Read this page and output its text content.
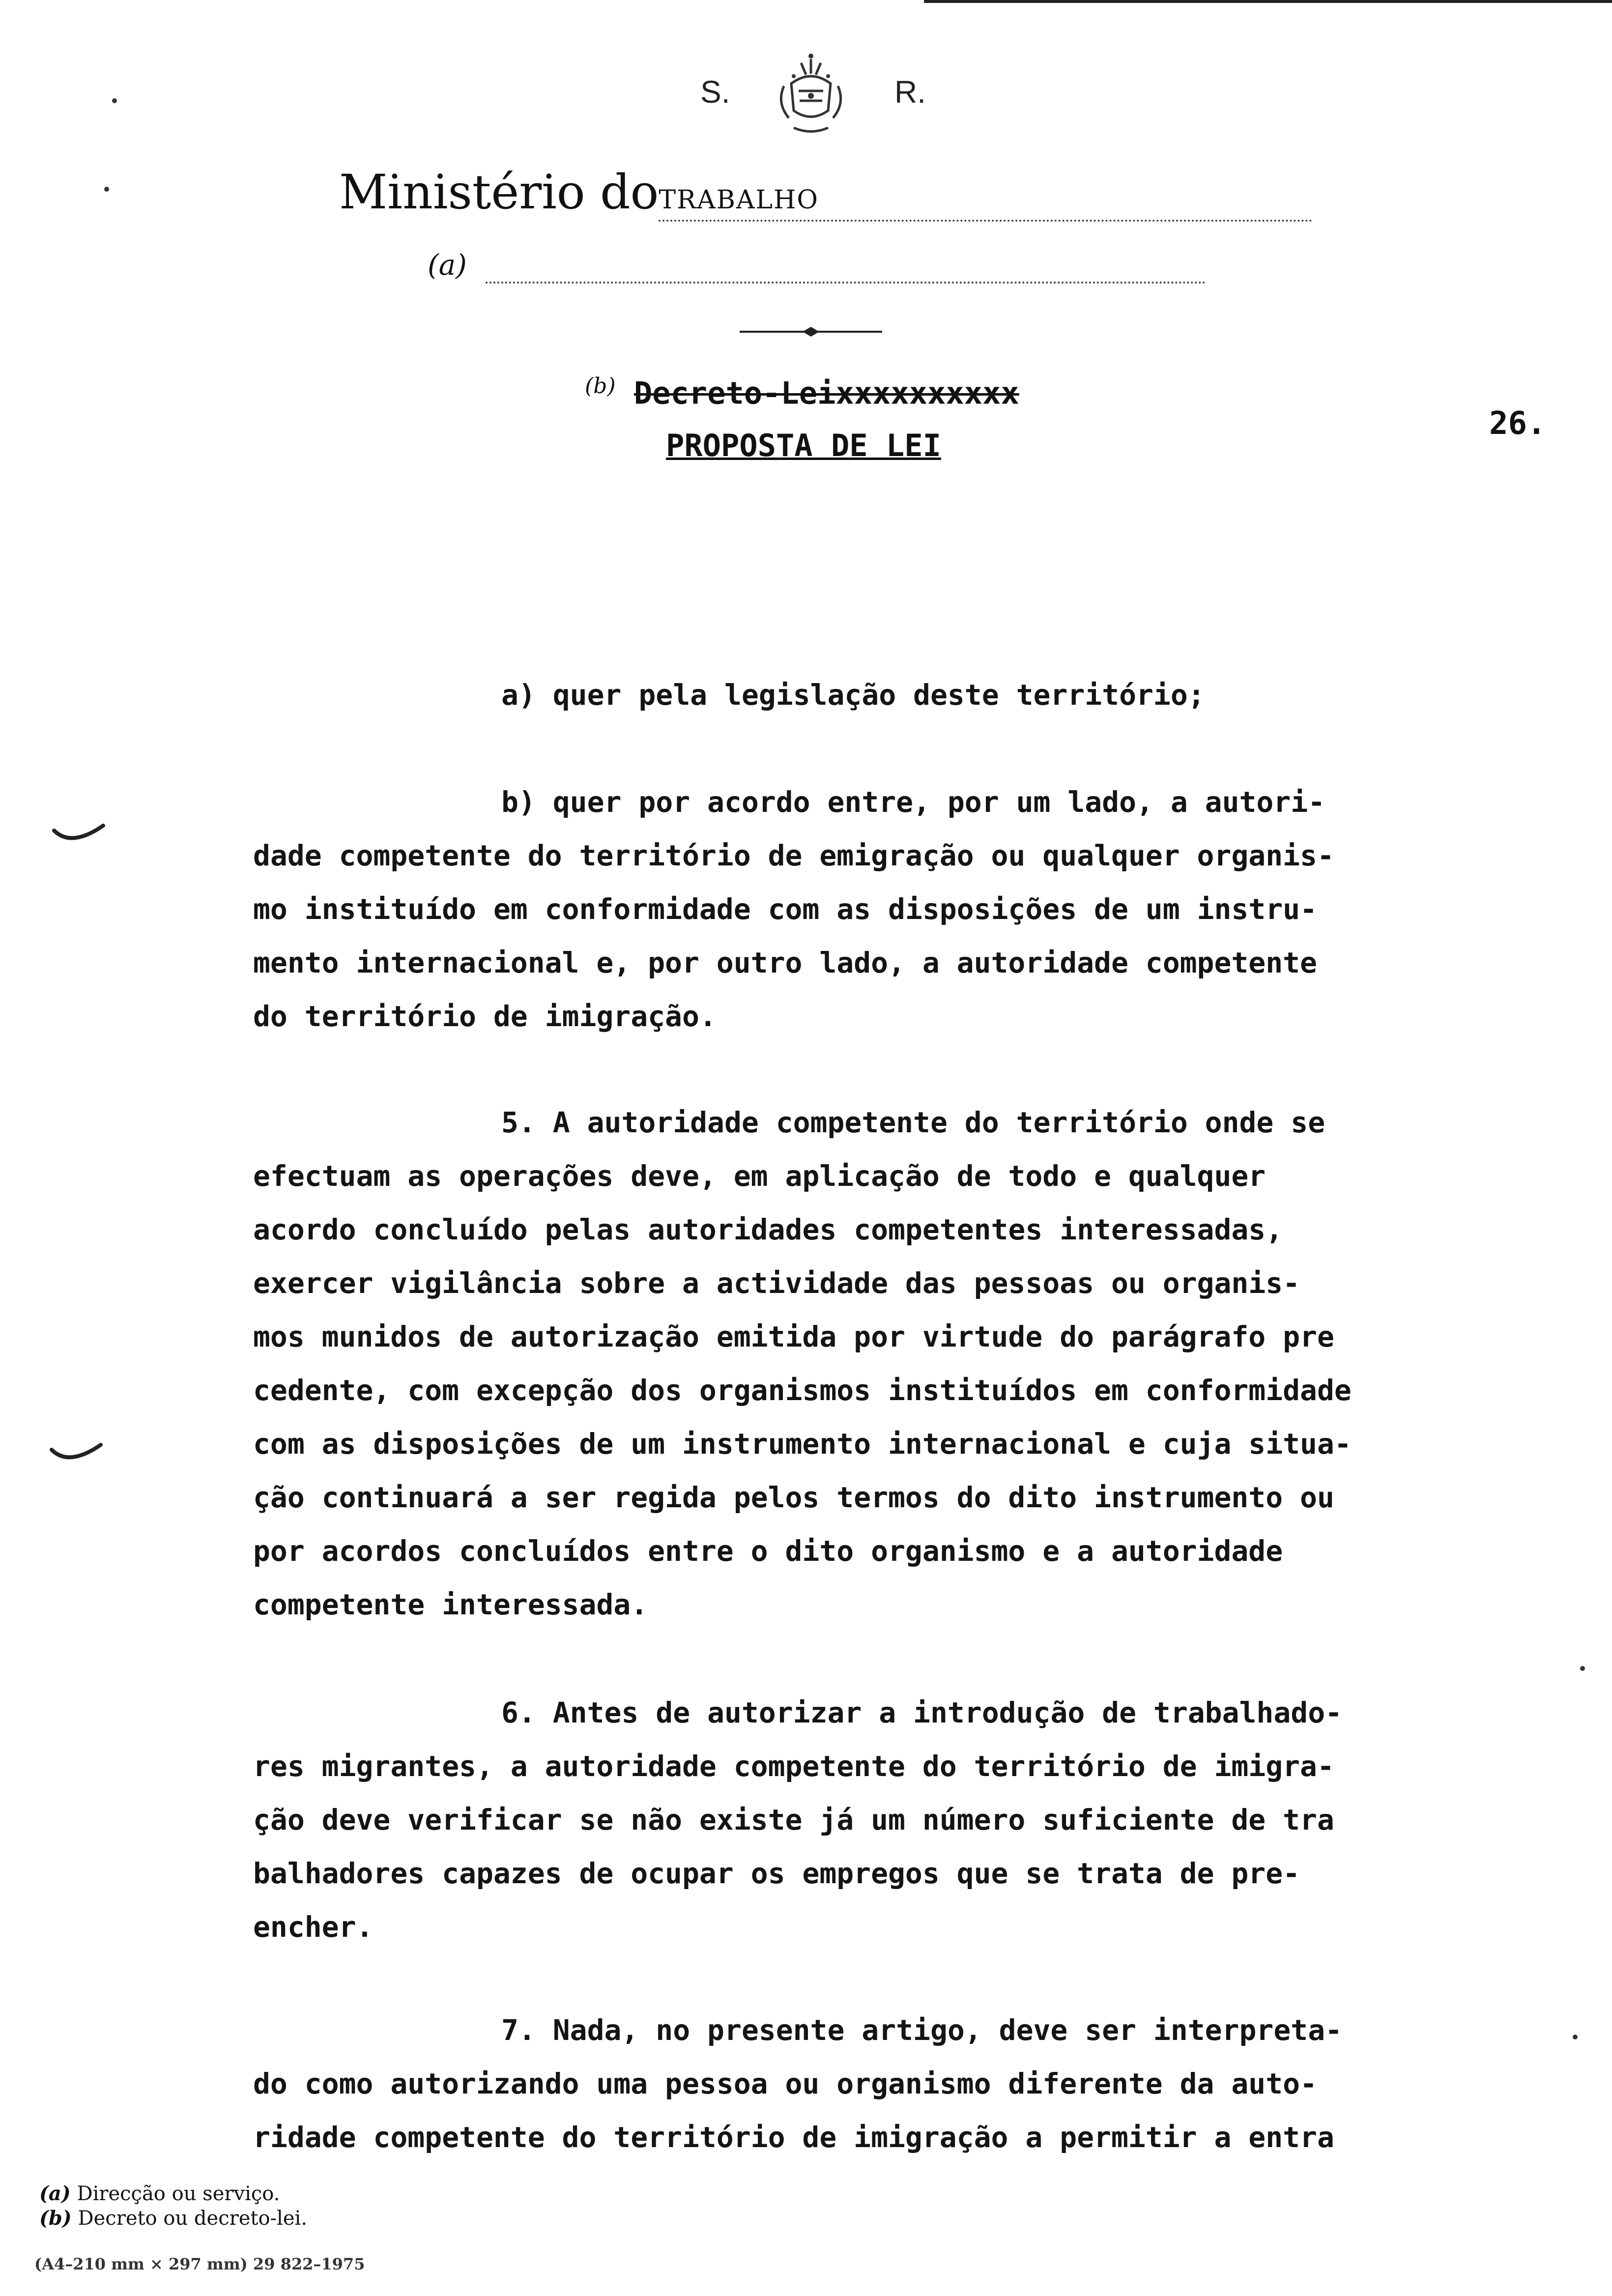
S.	R.
Ministério doTRABALHO
(a)
$^{(b)}$ Decreto-Leixxxxxxxxxx
PROPOSTA DE LEI
26.
a) quer pela legislação deste território;
b) quer por acordo entre, por um lado, a autori-
dade competente do território de emigração ou qualquer organis-
mo instituído em conformidade com as disposições de um instru-
mento internacional e, por outro lado, a autoridade competente
do território de imigração.
5. A autoridade competente do território onde se
efectuam as operações deve, em aplicação de todo e qualquer
acordo concluído pelas autoridades competentes interessadas,
exercer vigilância sobre a actividade das pessoas ou organis-
mos munidos de autorização emitida por virtude do parágrafo pre
cedente, com excepção dos organismos instituídos em conformidade
com as disposições de um instrumento internacional e cuja situa-
ção continuará a ser regida pelos termos do dito instrumento ou
por acordos concluídos entre o dito organismo e a autoridade
competente interessada.
6. Antes de autorizar a introdução de trabalhado-
res migrantes, a autoridade competente do território de imigra-
ção deve verificar se não existe já um número suficiente de tra
balhadores capazes de ocupar os empregos que se trata de pre-
encher.
7. Nada, no presente artigo, deve ser interpreta-
do como autorizando uma pessoa ou organismo diferente da auto-
ridade competente do território de imigração a permitir a entra
(a) Direcção ou serviço.
(b) Decreto ou decreto-lei.
(A4–210 mm × 297 mm) 29 822–1975
